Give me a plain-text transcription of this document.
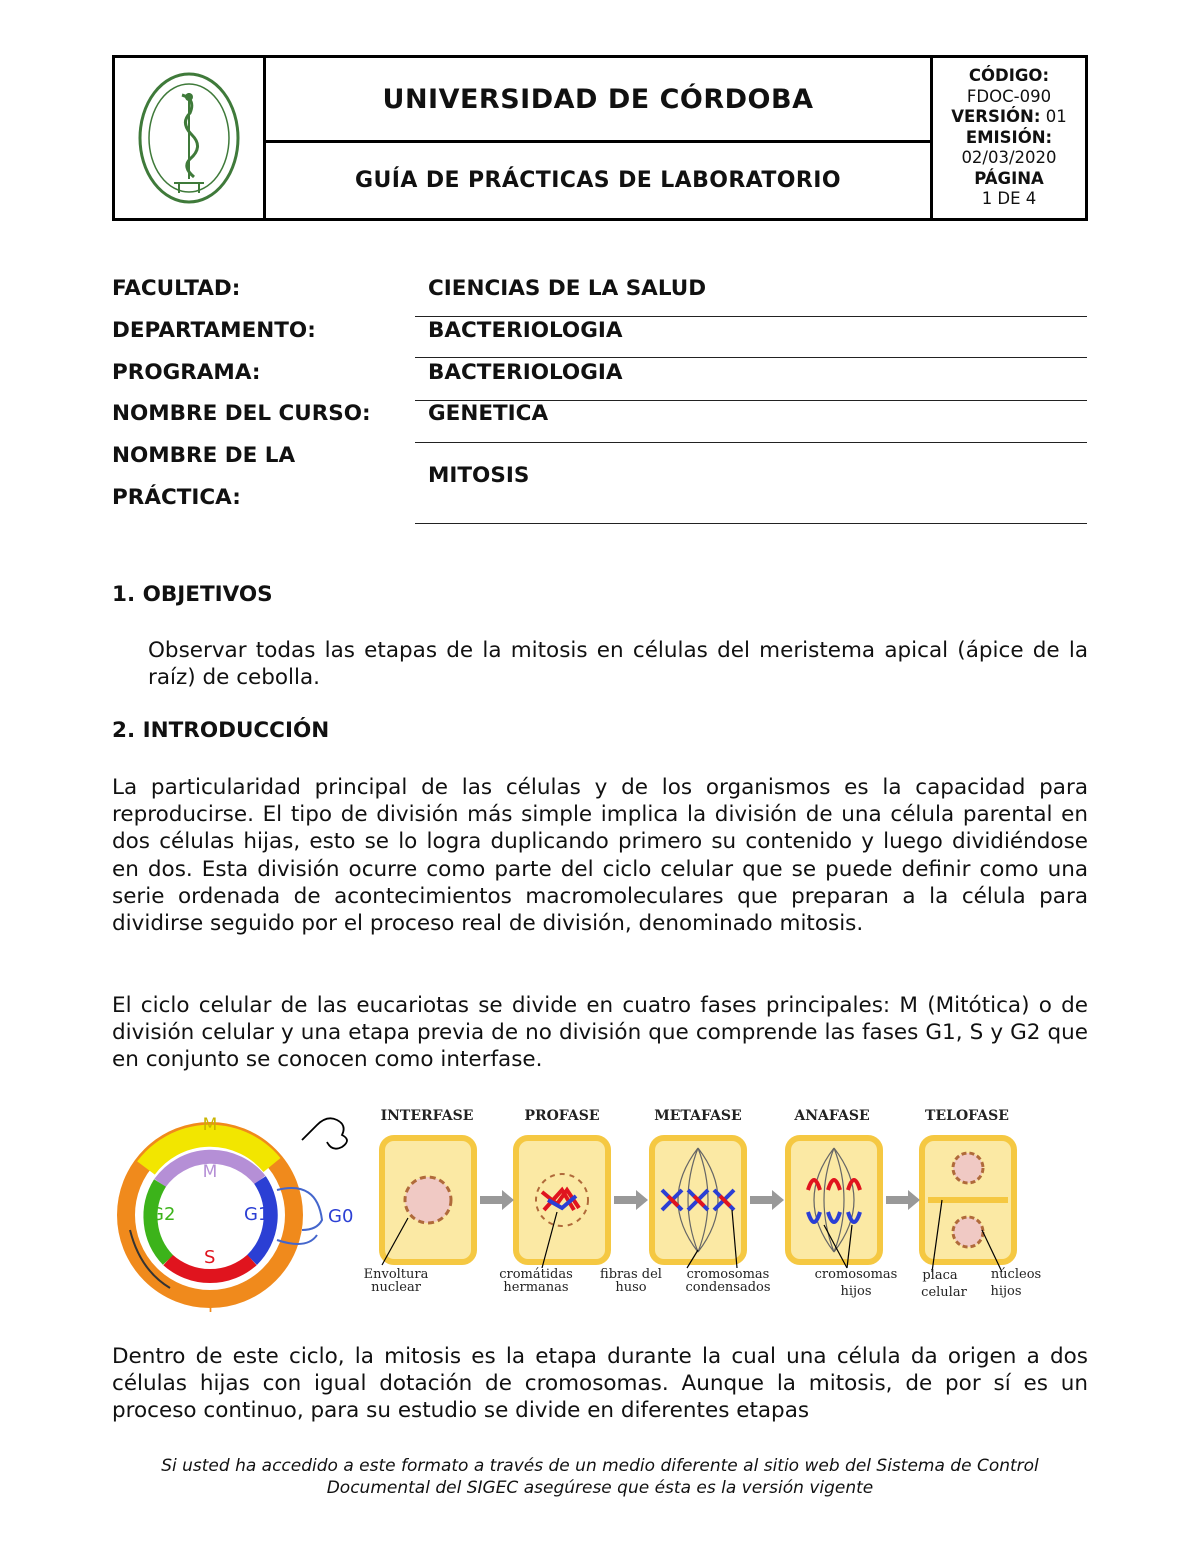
UNIVERSIDAD DE CÓRDOBA
GUÍA DE PRÁCTICAS DE LABORATORIO
CÓDIGO:
FDOC-090
VERSIÓN: 01
EMISIÓN:
02/03/2020
PÁGINA
1 DE 4
FACULTAD:	CIENCIAS DE LA SALUD
DEPARTAMENTO:	BACTERIOLOGIA
PROGRAMA:	BACTERIOLOGIA
NOMBRE DEL CURSO:	GENETICA
NOMBRE DE LA
PRÁCTICA:
MITOSIS
1. OBJETIVOS
Observar todas las etapas de la mitosis en células del meristema apical (ápice de la raíz) de cebolla.
2. INTRODUCCIÓN
La particularidad principal de las células y de los organismos es la capacidad para reproducirse. El tipo de división más simple implica la división de una célula parental en dos células hijas, esto se lo logra duplicando primero su contenido y luego dividiéndose en dos. Esta división ocurre como parte del ciclo celular que se puede definir como una serie ordenada de acontecimientos macromoleculares que preparan a la célula para dividirse seguido por el proceso real de división, denominado mitosis.
El ciclo celular de las eucariotas se divide en cuatro fases principales: M (Mitótica) o de división celular y una etapa previa de no división que comprende las fases G1, S y G2 que en conjunto se conocen como interfase.
M
M
G2	G1	G0
S
I
INTERFASE	PROFASE	METAFASE	ANAFASE	TELOFASE
Envoltura
nuclear
cromátidas
hermanas
fibras del
huso
cromosomas
condensados
cromosomas
hijos
placa
celular
núcleos
hijos
Dentro de este ciclo, la mitosis es la etapa durante la cual una célula da origen a dos células hijas con igual dotación de cromosomas. Aunque la mitosis, de por sí es un proceso continuo, para su estudio se divide en diferentes etapas
Si usted ha accedido a este formato a través de un medio diferente al sitio web del Sistema de Control
Documental del SIGEC asegúrese que ésta es la versión vigente
